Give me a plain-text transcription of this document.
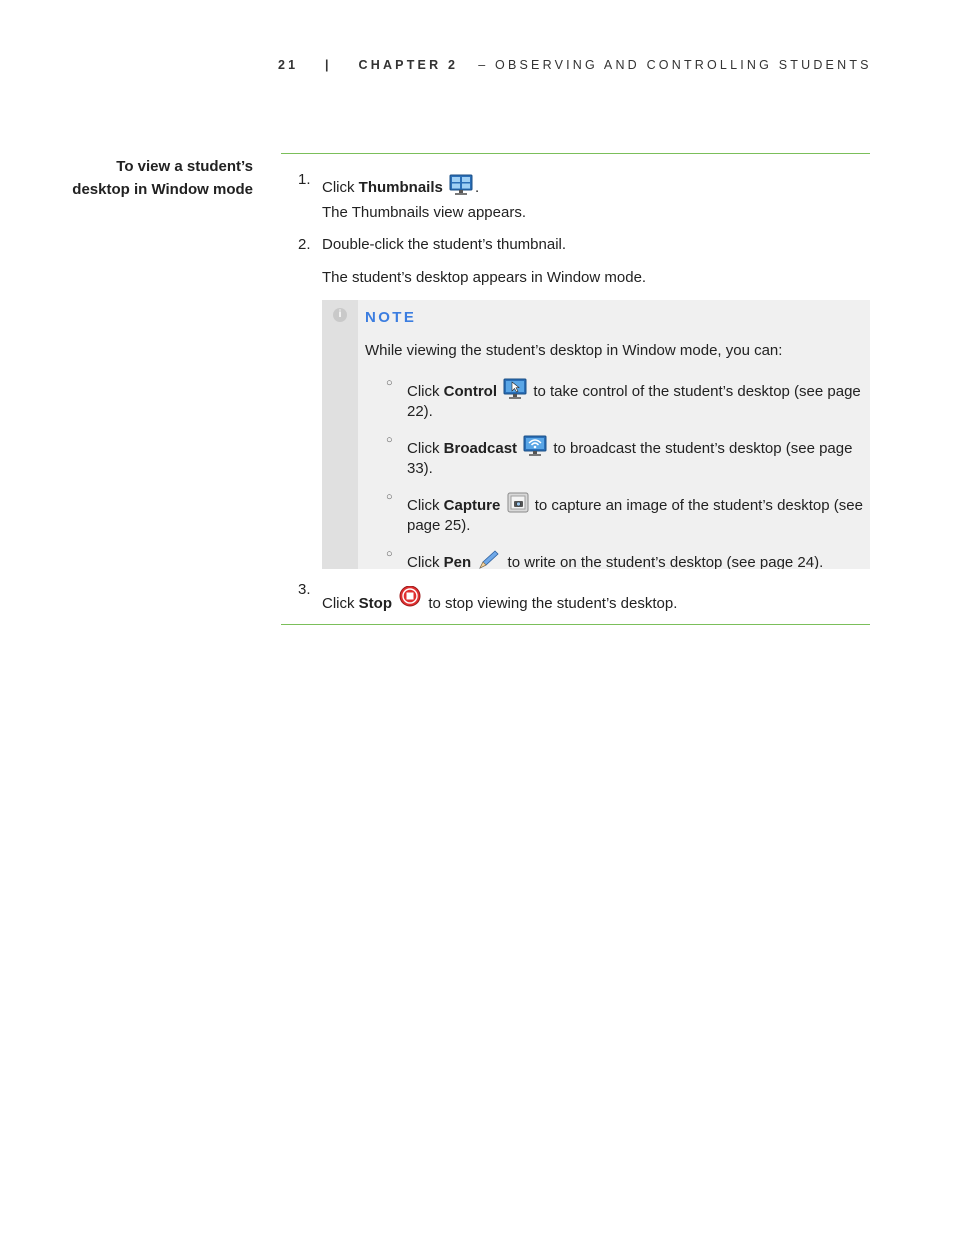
21 | CHAPTER 2 – OBSERVING AND CONTROLLING STUDENTS
To view a student’s
desktop in Window mode
1. Click Thumbnails .
The Thumbnails view appears.
2. Double-click the student’s thumbnail.
The student’s desktop appears in Window mode.
i	NOTE
While viewing the student’s desktop in Window mode, you can:
○ Click Control  to take control of the student’s desktop (see page 22).
○ Click Broadcast  to broadcast the student’s desktop (see page 33).
○ Click Capture  to capture an image of the student’s desktop (see page 25).
○ Click Pen  to write on the student’s desktop (see page 24).
3.
Click Stop  to stop viewing the student’s desktop.
